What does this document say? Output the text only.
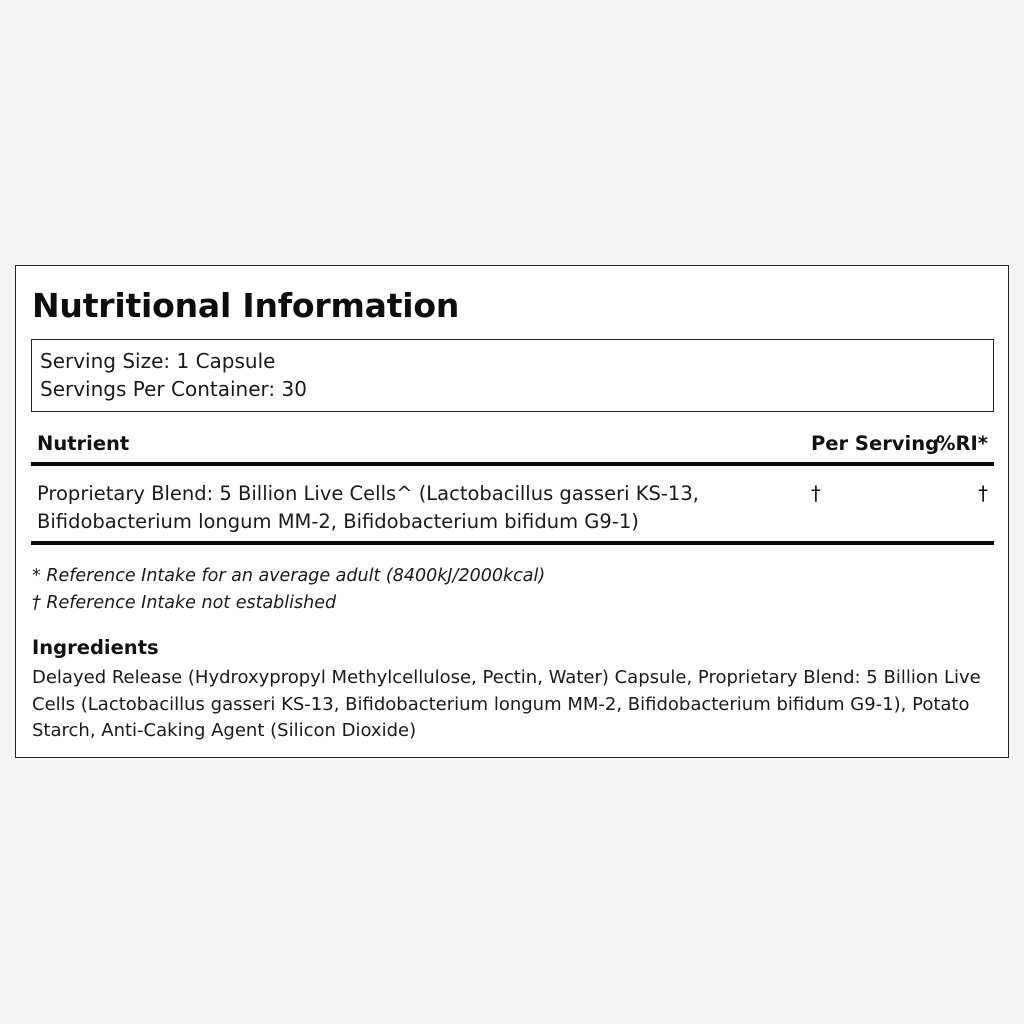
Nutritional Information
Serving Size: 1 Capsule
Servings Per Container: 30
Nutrient	Per Serving
%RI*
Proprietary Blend: 5 Billion Live Cells^ (Lactobacillus gasseri KS-13, Bifidobacterium longum MM-2, Bifidobacterium bifidum G9-1)
†	†
* Reference Intake for an average adult (8400kJ/2000kcal)
† Reference Intake not established
Ingredients

Delayed Release (Hydroxypropyl Methylcellulose, Pectin, Water) Capsule, Proprietary Blend: 5 Billion Live Cells (Lactobacillus gasseri KS-13, Bifidobacterium longum MM-2, Bifidobacterium bifidum G9-1), Potato Starch, Anti-Caking Agent (Silicon Dioxide)
